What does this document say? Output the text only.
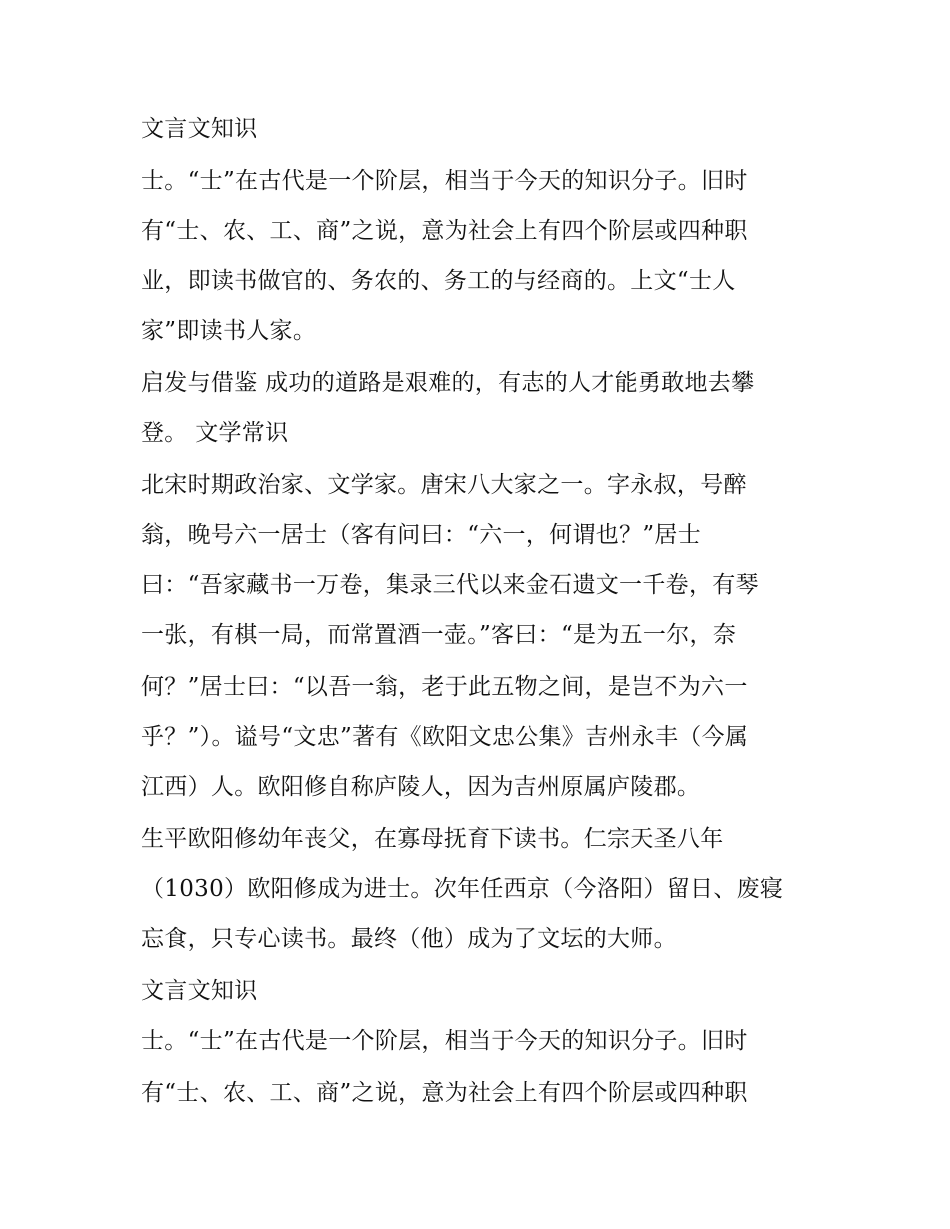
文言文知识
士。“士”在古代是一个阶层，相当于今天的知识分子。旧时
有“士、农、工、商”之说，意为社会上有四个阶层或四种职
业，即读书做官的、务农的、务工的与经商的。上文“士人
家”即读书人家。
启发与借鉴 成功的道路是艰难的，有志的人才能勇敢地去攀
登。 文学常识
北宋时期政治家、文学家。唐宋八大家之一。字永叔，号醉
翁，晚号六一居士（客有问曰：“六一，何谓也？”居士
曰：“吾家藏书一万卷，集录三代以来金石遗文一千卷，有琴
一张，有棋一局，而常置酒一壶。”客曰：“是为五一尔，奈
何？”居士曰：“以吾一翁，老于此五物之间，是岂不为六一
乎？”）。谥号“文忠”著有《欧阳文忠公集》吉州永丰（今属
江西）人。欧阳修自称庐陵人，因为吉州原属庐陵郡。
生平欧阳修幼年丧父，在寡母抚育下读书。仁宗天圣八年
（1030）欧阳修成为进士。次年任西京（今洛阳）留日、废寝
忘食，只专心读书。最终（他）成为了文坛的大师。
文言文知识
士。“士”在古代是一个阶层，相当于今天的知识分子。旧时
有“士、农、工、商”之说，意为社会上有四个阶层或四种职
